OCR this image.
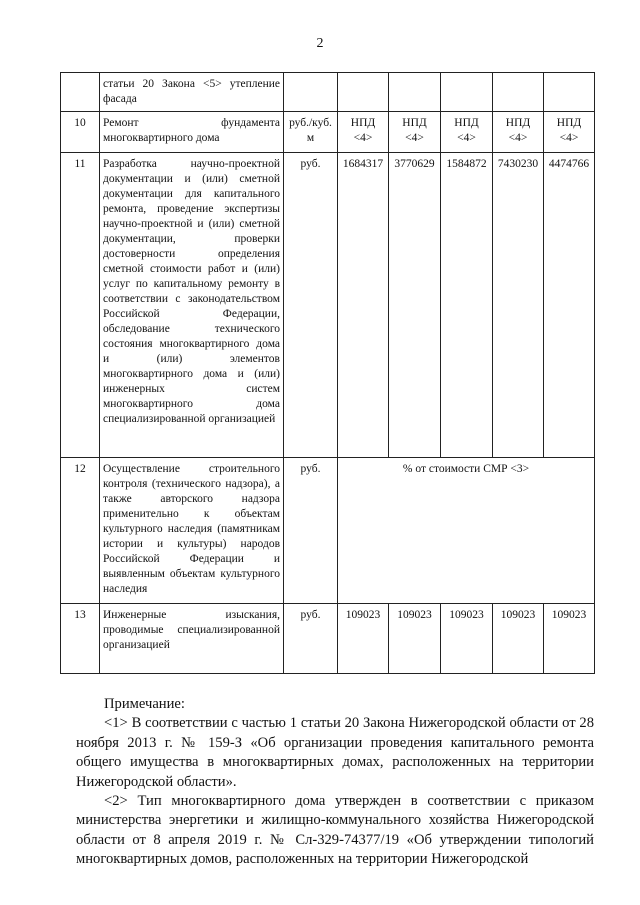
2
	статьи 20 Закона <5> утепление фасада						
10	Ремонт фундамента многоквартирного дома	руб./куб. м	НПД <4>	НПД <4>	НПД <4>	НПД <4>	НПД <4>
11	Разработка научно-проектной документации и (или) сметной документации для капитального ремонта, проведение экспертизы научно-проектной и (или) сметной документации, проверки достоверности определения сметной стоимости работ и (или) услуг по капитальному ремонту в соответствии с законодательством Российской Федерации, обследование технического состояния многоквартирного дома и (или) элементов многоквартирного дома и (или) инженерных систем многоквартирного дома специализированной организацией	руб.	1684317	3770629	1584872	7430230	4474766
12	Осуществление строительного контроля (технического надзора), а также авторского надзора применительно к объектам культурного наследия (памятникам истории и культуры) народов Российской Федерации и выявленным объектам культурного наследия	руб.	% от стоимости СМР <3>				
13	Инженерные изыскания, проводимые специализированной организацией	руб.	109023	109023	109023	109023	109023

Примечание:

<1> В соответствии с частью 1 статьи 20 Закона Нижегородской области от 28 ноября 2013 г. № 159-З «Об организации проведения капитального ремонта общего имущества в многоквартирных домах, расположенных на территории Нижегородской области».

<2> Тип многоквартирного дома утвержден в соответствии с приказом министерства энергетики и жилищно-коммунального хозяйства Нижегородской области от 8 апреля 2019 г. № Сл-329-74377/19 «Об утверждении типологий многоквартирных домов, расположенных на территории Нижегородской
